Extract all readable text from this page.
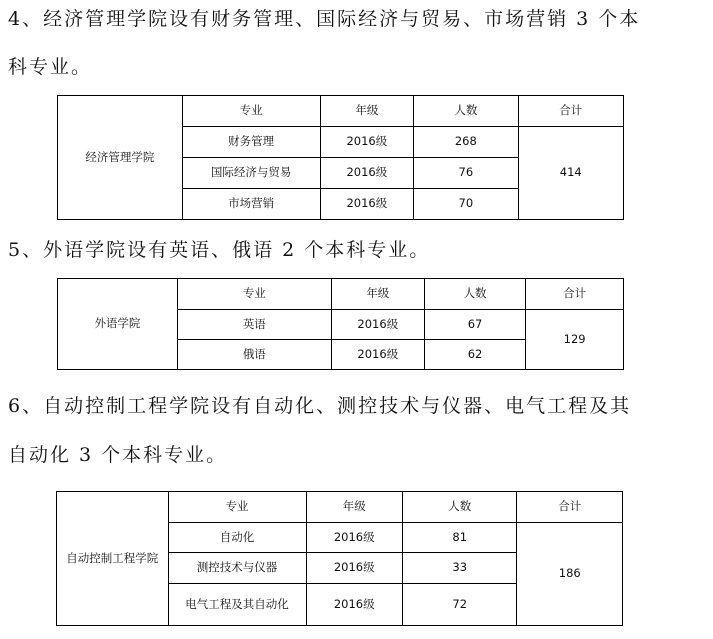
4、经济管理学院设有财务管理、国际经济与贸易、市场营销 3 个本

科专业。

经济管理学院	专业	年级	人数	合计
	财务管理	2016级	268	414
	国际经济与贸易	2016级	76	
	市场营销	2016级	70	

5、外语学院设有英语、俄语 2 个本科专业。

外语学院	专业	年级	人数	合计
	英语	2016级	67	129
	俄语	2016级	62	

6、自动控制工程学院设有自动化、测控技术与仪器、电气工程及其

自动化 3 个本科专业。

自动控制工程学院	专业	年级	人数	合计
	自动化	2016级	81	186
	测控技术与仪器	2016级	33	
	电气工程及其自动化	2016级	72	
